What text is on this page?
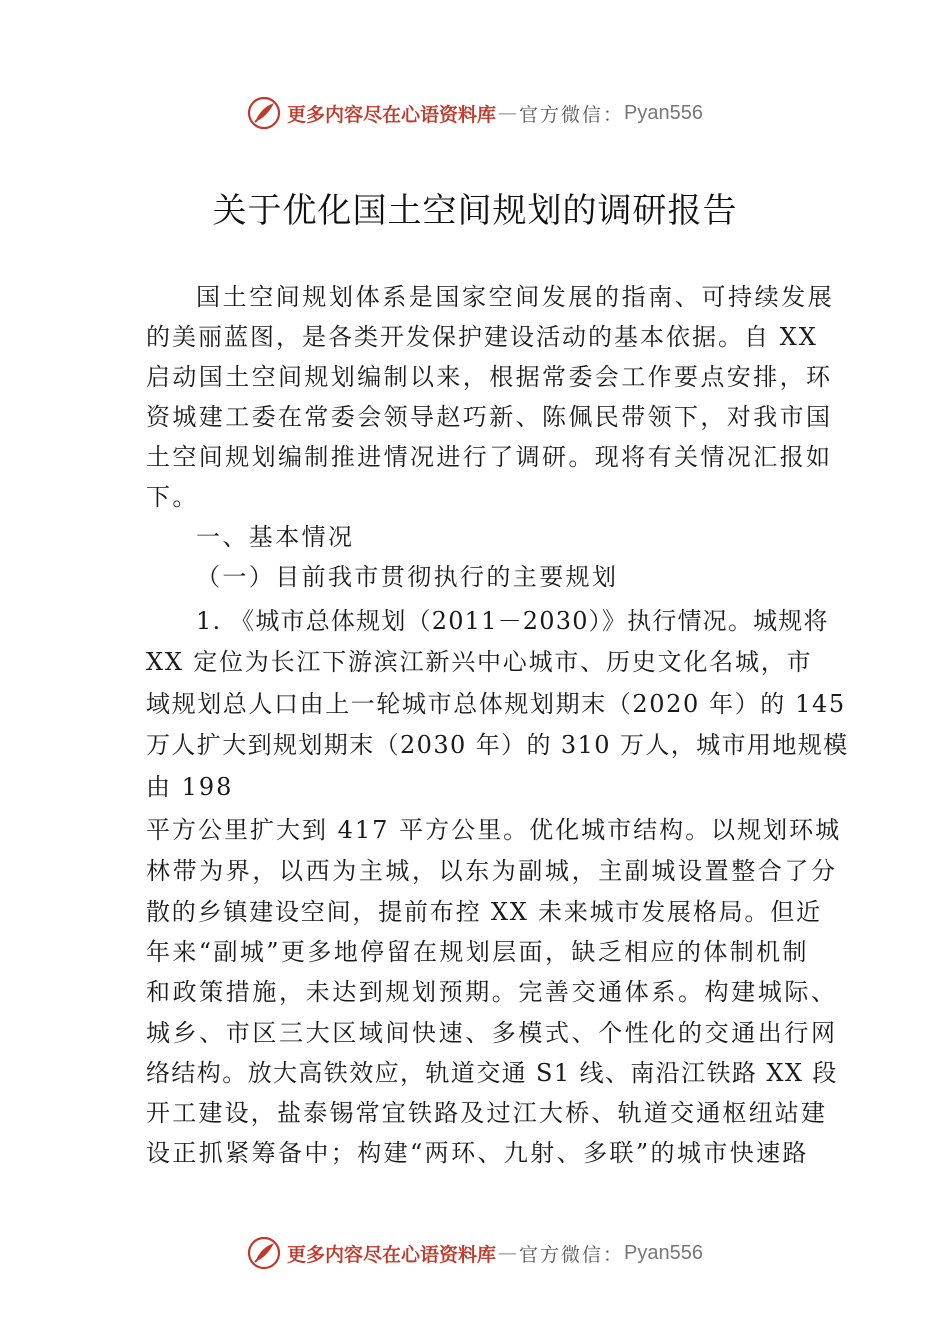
更多内容尽在心语资料库 — 官方微信： Pyan556
关于优化国土空间规划的调研报告

国土空间规划体系是国家空间发展的指南、可持续发展

的美丽蓝图，是各类开发保护建设活动的基本依据。自 XX

启动国土空间规划编制以来，根据常委会工作要点安排，环

资城建工委在常委会领导赵巧新、陈佩民带领下，对我市国

土空间规划编制推进情况进行了调研。现将有关情况汇报如

下。

一、基本情况

（一）目前我市贯彻执行的主要规划

1. 《城市总体规划（2011－2030）》执行情况。城规将

XX 定位为长江下游滨江新兴中心城市、历史文化名城，市

域规划总人口由上一轮城市总体规划期末（2020 年）的 145

万人扩大到规划期末（2030 年）的 310 万人，城市用地规模

由 198

平方公里扩大到 417 平方公里。优化城市结构。以规划环城

林带为界，以西为主城，以东为副城，主副城设置整合了分

散的乡镇建设空间，提前布控 XX 未来城市发展格局。但近

年来“副城”更多地停留在规划层面，缺乏相应的体制机制

和政策措施，未达到规划预期。完善交通体系。构建城际、

城乡、市区三大区域间快速、多模式、个性化的交通出行网

络结构。放大高铁效应，轨道交通 S1 线、南沿江铁路 XX 段

开工建设，盐泰锡常宜铁路及过江大桥、轨道交通枢纽站建

设正抓紧筹备中；构建“两环、九射、多联”的城市快速路

更多内容尽在心语资料库 — 官方微信： Pyan556
